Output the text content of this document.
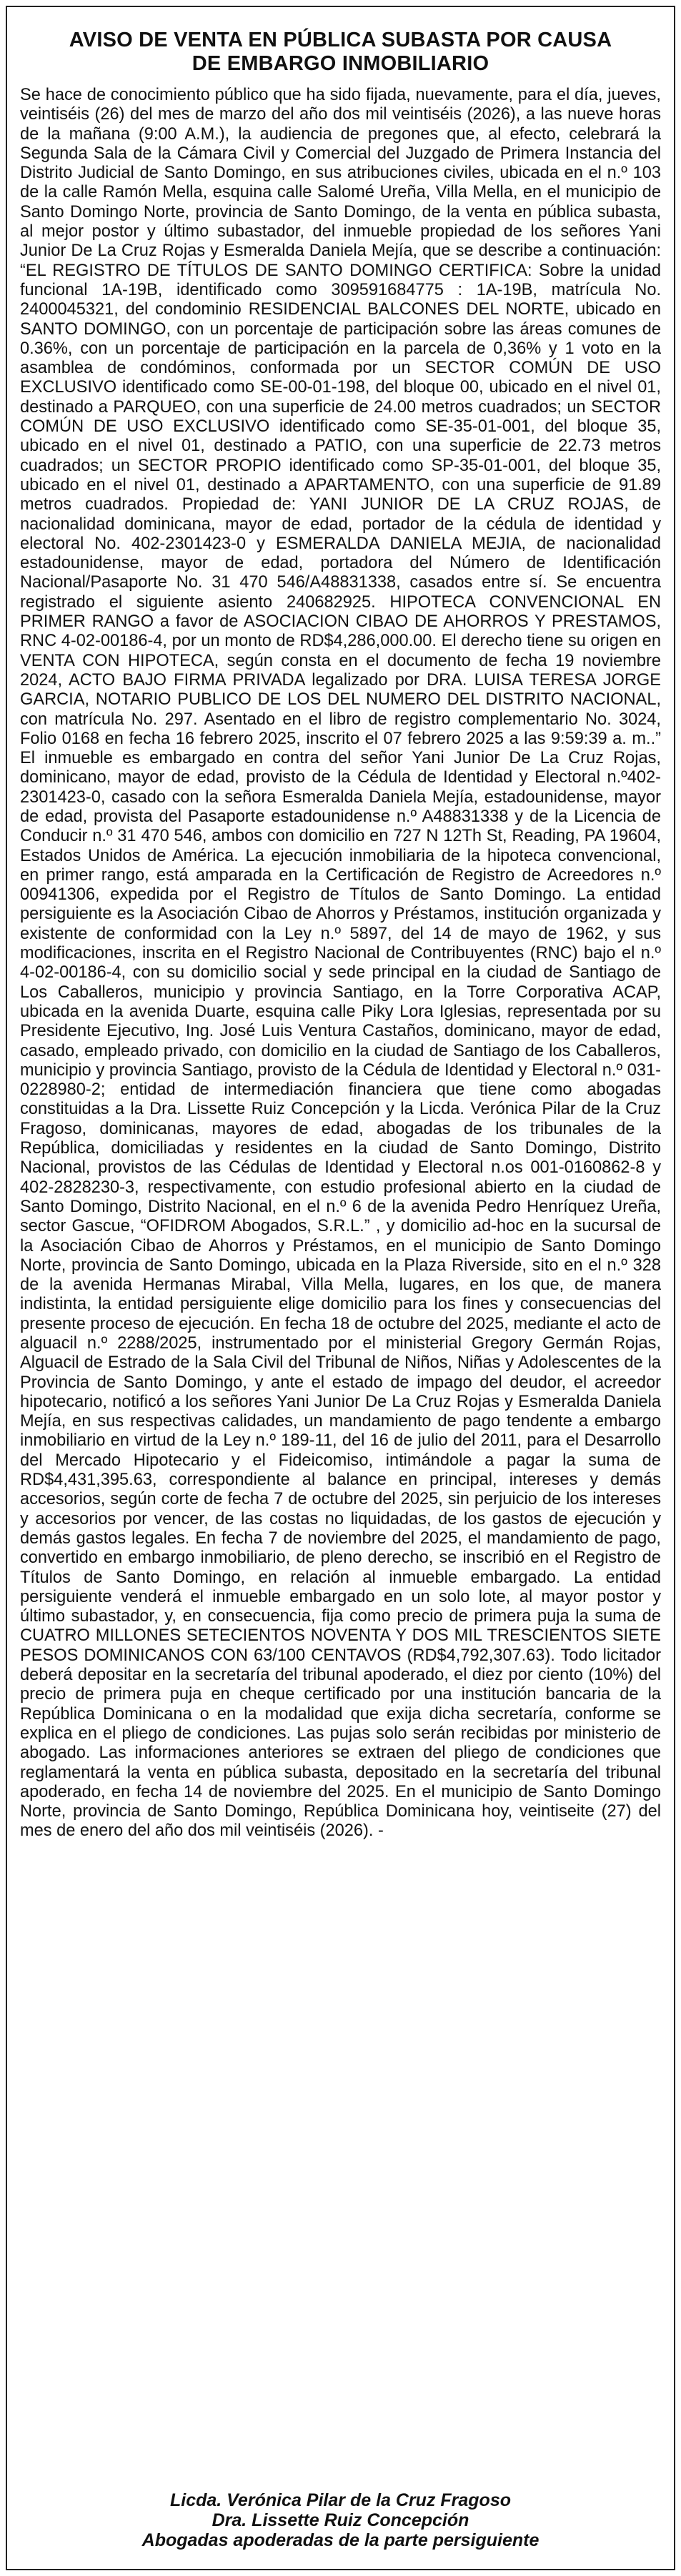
AVISO DE VENTA EN PÚBLICA SUBASTA POR CAUSA
DE EMBARGO INMOBILIARIO

Se hace de conocimiento público que ha sido fijada, nuevamente, para el día, jueves, veintiséis (26) del mes de marzo del año dos mil veintiséis (2026), a las nueve horas de la mañana (9:00 A.M.), la audiencia de pregones que, al efecto, celebrará la Segunda Sala de la Cámara Civil y Comercial del Juzgado de Primera Instancia del Distrito Judicial de Santo Domingo, en sus atribuciones civiles, ubicada en el n.º 103 de la calle Ramón Mella, esquina calle Salomé Ureña, Villa Mella, en el municipio de Santo Domingo Norte, provincia de Santo Domingo, de la venta en pública subasta, al mejor postor y último subastador, del inmueble propiedad de los señores Yani Junior De La Cruz Rojas y Esmeralda Daniela Mejía, que se describe a continuación: “EL REGISTRO DE TÍTULOS DE SANTO DOMINGO CERTIFICA: Sobre la unidad funcional 1A-19B, identificado como 309591684775 : 1A-19B, matrícula No. 2400045321, del condominio RESIDENCIAL BALCONES DEL NORTE, ubicado en SANTO DOMINGO, con un porcentaje de participación sobre las áreas comunes de 0.36%, con un porcentaje de participación en la parcela de 0,36% y 1 voto en la asamblea de condóminos, conformada por un SECTOR COMÚN DE USO EXCLUSIVO identificado como SE-00-01-198, del bloque 00, ubicado en el nivel 01, destinado a PARQUEO, con una superficie de 24.00 metros cuadrados; un SECTOR COMÚN DE USO EXCLUSIVO identificado como SE-35-01-001, del bloque 35, ubicado en el nivel 01, destinado a PATIO, con una superficie de 22.73 metros cuadrados; un SECTOR PROPIO identificado como SP-35-01-001, del bloque 35, ubicado en el nivel 01, destinado a APARTAMENTO, con una superficie de 91.89 metros cuadrados. Propiedad de: YANI JUNIOR DE LA CRUZ ROJAS, de nacionalidad dominicana, mayor de edad, portador de la cédula de identidad y electoral No. 402-2301423-0 y ESMERALDA DANIELA MEJIA, de nacionalidad estadounidense, mayor de edad, portadora del Número de Identificación Nacional/Pasaporte No. 31 470 546/A48831338, casados entre sí. Se encuentra registrado el siguiente asiento 240682925. HIPOTECA CONVENCIONAL EN PRIMER RANGO a favor de ASOCIACION CIBAO DE AHORROS Y PRESTAMOS, RNC 4-02-00186-4, por un monto de RD$4,286,000.00. El derecho tiene su origen en VENTA CON HIPOTECA, según consta en el documento de fecha 19 noviembre 2024, ACTO BAJO FIRMA PRIVADA legalizado por DRA. LUISA TERESA JORGE GARCIA, NOTARIO PUBLICO DE LOS DEL NUMERO DEL DISTRITO NACIONAL, con matrícula No. 297. Asentado en el libro de registro complementario No. 3024, Folio 0168 en fecha 16 febrero 2025, inscrito el 07 febrero 2025 a las 9:59:39 a. m..” El inmueble es embargado en contra del señor Yani Junior De La Cruz Rojas, dominicano, mayor de edad, provisto de la Cédula de Identidad y Electoral n.º402-2301423-0, casado con la señora Esmeralda Daniela Mejía, estadounidense, mayor de edad, provista del Pasaporte estadounidense n.º A48831338 y de la Licencia de Conducir n.º 31 470 546, ambos con domicilio en 727 N 12Th St, Reading, PA 19604, Estados Unidos de América. La ejecución inmobiliaria de la hipoteca convencional, en primer rango, está amparada en la Certificación de Registro de Acreedores n.º 00941306, expedida por el Registro de Títulos de Santo Domingo. La entidad persiguiente es la Asociación Cibao de Ahorros y Préstamos, institución organizada y existente de conformidad con la Ley n.º 5897, del 14 de mayo de 1962, y sus modificaciones, inscrita en el Registro Nacional de Contribuyentes (RNC) bajo el n.º 4-02-00186-4, con su domicilio social y sede principal en la ciudad de Santiago de Los Caballeros, municipio y provincia Santiago, en la Torre Corporativa ACAP, ubicada en la avenida Duarte, esquina calle Piky Lora Iglesias, representada por su Presidente Ejecutivo, Ing. José Luis Ventura Castaños, dominicano, mayor de edad, casado, empleado privado, con domicilio en la ciudad de Santiago de los Caballeros, municipio y provincia Santiago, provisto de la Cédula de Identidad y Electoral n.º 031-0228980-2; entidad de intermediación financiera que tiene como abogadas constituidas a la Dra. Lissette Ruiz Concepción y la Licda. Verónica Pilar de la Cruz Fragoso, dominicanas, mayores de edad, abogadas de los tribunales de la República, domiciliadas y residentes en la ciudad de Santo Domingo, Distrito Nacional, provistos de las Cédulas de Identidad y Electoral n.os 001-0160862-8 y 402-2828230-3, respectivamente, con estudio profesional abierto en la ciudad de Santo Domingo, Distrito Nacional, en el n.º 6 de la avenida Pedro Henríquez Ureña, sector Gascue, “OFIDROM Abogados, S.R.L.” , y domicilio ad-hoc en la sucursal de la Asociación Cibao de Ahorros y Préstamos, en el municipio de Santo Domingo Norte, provincia de Santo Domingo, ubicada en la Plaza Riverside, sito en el n.º 328 de la avenida Hermanas Mirabal, Villa Mella, lugares, en los que, de manera indistinta, la entidad persiguiente elige domicilio para los fines y consecuencias del presente proceso de ejecución. En fecha 18 de octubre del 2025, mediante el acto de alguacil n.º 2288/2025, instrumentado por el ministerial Gregory Germán Rojas, Alguacil de Estrado de la Sala Civil del Tribunal de Niños, Niñas y Adolescentes de la Provincia de Santo Domingo, y ante el estado de impago del deudor, el acreedor hipotecario, notificó a los señores Yani Junior De La Cruz Rojas y Esmeralda Daniela Mejía, en sus respectivas calidades, un mandamiento de pago tendente a embargo inmobiliario en virtud de la Ley n.º 189-11, del 16 de julio del 2011, para el Desarrollo del Mercado Hipotecario y el Fideicomiso, intimándole a pagar la suma de RD$4,431,395.63, correspondiente al balance en principal, intereses y demás accesorios, según corte de fecha 7 de octubre del 2025, sin perjuicio de los intereses y accesorios por vencer, de las costas no liquidadas, de los gastos de ejecución y demás gastos legales. En fecha 7 de noviembre del 2025, el mandamiento de pago, convertido en embargo inmobiliario, de pleno derecho, se inscribió en el Registro de Títulos de Santo Domingo, en relación al inmueble embargado. La entidad persiguiente venderá el inmueble embargado en un solo lote, al mayor postor y último subastador, y, en consecuencia, fija como precio de primera puja la suma de CUATRO MILLONES SETECIENTOS NOVENTA Y DOS MIL TRESCIENTOS SIETE PESOS DOMINICANOS CON 63/100 CENTAVOS (RD$4,792,307.63). Todo licitador deberá depositar en la secretaría del tribunal apoderado, el diez por ciento (10%) del precio de primera puja en cheque certificado por una institución bancaria de la República Dominicana o en la modalidad que exija dicha secretaría, conforme se explica en el pliego de condiciones. Las pujas solo serán recibidas por ministerio de abogado. Las informaciones anteriores se extraen del pliego de condiciones que reglamentará la venta en pública subasta, depositado en la secretaría del tribunal apoderado, en fecha 14 de noviembre del 2025. En el municipio de Santo Domingo Norte, provincia de Santo Domingo, República Dominicana hoy, veintiseite (27) del mes de enero del año dos mil veintiséis (2026). -

Licda. Verónica Pilar de la Cruz Fragoso
Dra. Lissette Ruiz Concepción
Abogadas apoderadas de la parte persiguiente
